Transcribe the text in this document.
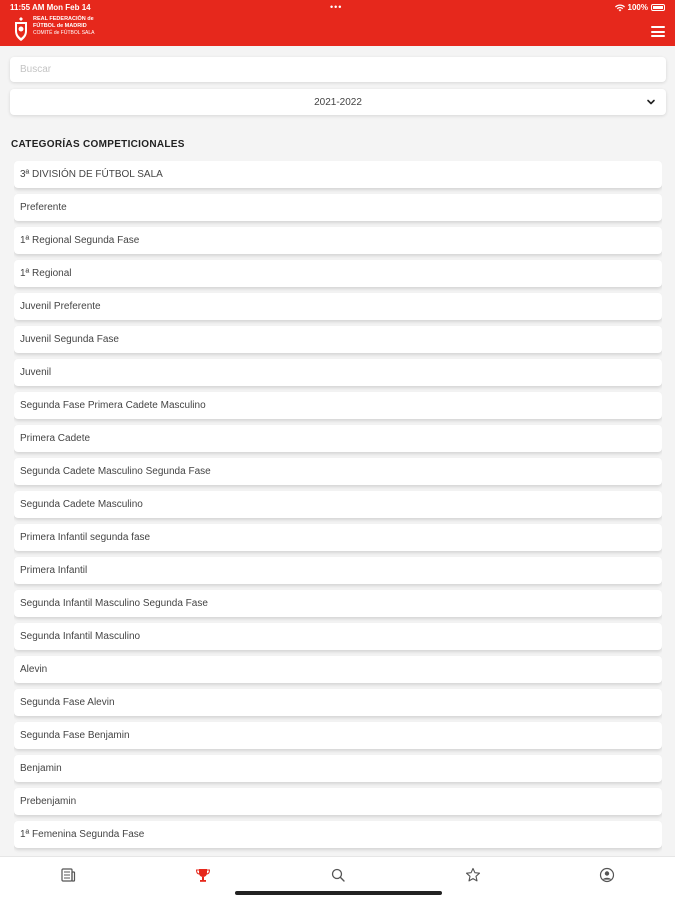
11:55 AM Mon Feb 14	•••	100%
REAL FEDERACIÓN de
FÚTBOL de MADRID
COMITÉ de FÚTBOL SALA
Buscar
2021-2022
CATEGORÍAS COMPETICIONALES
3ª DIVISIÓN DE FÚTBOL SALA
Preferente
1ª Regional Segunda Fase
1ª Regional
Juvenil Preferente
Juvenil Segunda Fase
Juvenil
Segunda Fase Primera Cadete Masculino
Primera Cadete
Segunda Cadete Masculino Segunda Fase
Segunda Cadete Masculino
Primera Infantil segunda fase
Primera Infantil
Segunda Infantil Masculino Segunda Fase
Segunda Infantil Masculino
Alevin
Segunda Fase Alevin
Segunda Fase Benjamin
Benjamin
Prebenjamin
1ª Femenina Segunda Fase
